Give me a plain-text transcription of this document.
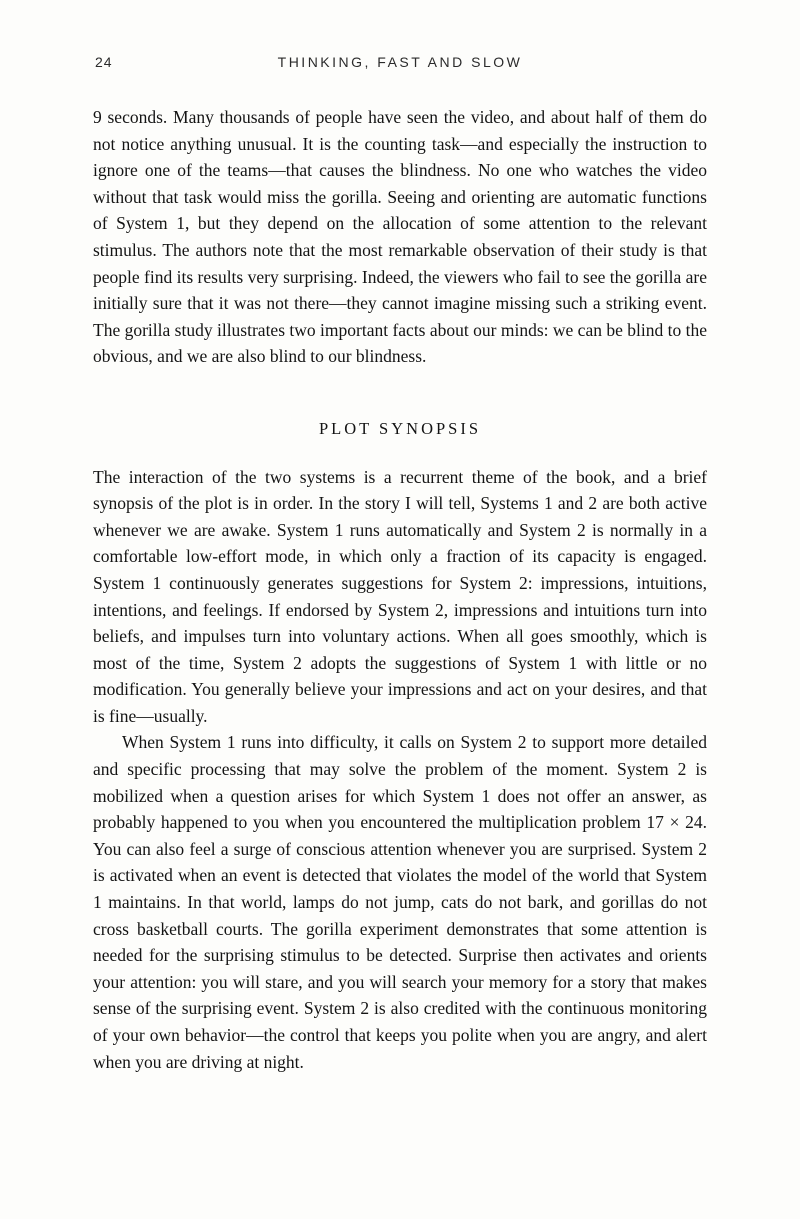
24	THINKING, FAST AND SLOW

9 seconds. Many thousands of people have seen the video, and about half of them do not notice anything unusual. It is the counting task—and especially the instruction to ignore one of the teams—that causes the blindness. No one who watches the video without that task would miss the gorilla. Seeing and orienting are automatic functions of System 1, but they depend on the allocation of some attention to the relevant stimulus. The authors note that the most remarkable observation of their study is that people find its results very surprising. Indeed, the viewers who fail to see the gorilla are initially sure that it was not there—they cannot imagine missing such a striking event. The gorilla study illustrates two important facts about our minds: we can be blind to the obvious, and we are also blind to our blindness.

PLOT SYNOPSIS

The interaction of the two systems is a recurrent theme of the book, and a brief synopsis of the plot is in order. In the story I will tell, Systems 1 and 2 are both active whenever we are awake. System 1 runs automatically and System 2 is normally in a comfortable low-effort mode, in which only a fraction of its capacity is engaged. System 1 continuously generates suggestions for System 2: impressions, intuitions, intentions, and feelings. If endorsed by System 2, impressions and intuitions turn into beliefs, and impulses turn into voluntary actions. When all goes smoothly, which is most of the time, System 2 adopts the suggestions of System 1 with little or no modification. You generally believe your impressions and act on your desires, and that is fine—usually.

When System 1 runs into difficulty, it calls on System 2 to support more detailed and specific processing that may solve the problem of the moment. System 2 is mobilized when a question arises for which System 1 does not offer an answer, as probably happened to you when you encountered the multiplication problem 17 × 24. You can also feel a surge of conscious attention whenever you are surprised. System 2 is activated when an event is detected that violates the model of the world that System 1 maintains. In that world, lamps do not jump, cats do not bark, and gorillas do not cross basketball courts. The gorilla experiment demonstrates that some attention is needed for the surprising stimulus to be detected. Surprise then activates and orients your attention: you will stare, and you will search your memory for a story that makes sense of the surprising event. System 2 is also credited with the continuous monitoring of your own behavior—the control that keeps you polite when you are angry, and alert when you are driving at night.
